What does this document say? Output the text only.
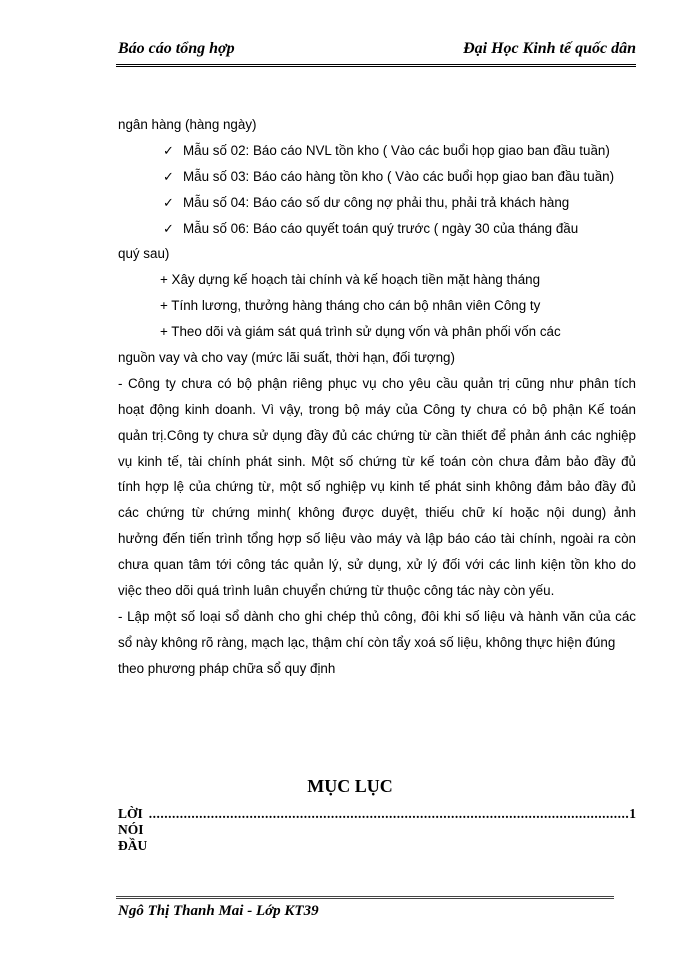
Báo cáo tổng hợp	Đại Học Kinh tế quốc dân
ngân hàng (hàng ngày)
✓ Mẫu số 02: Báo cáo NVL tồn kho ( Vào các buổi họp giao ban đầu tuần)
✓ Mẫu số 03: Báo cáo hàng tồn kho ( Vào các buổi họp giao ban đầu tuần)
✓ Mẫu số 04: Báo cáo số dư công nợ phải thu, phải trả khách hàng
✓ Mẫu số 06: Báo cáo quyết toán quý trước ( ngày 30 của tháng đầu
quý sau)
+ Xây dựng kế hoạch tài chính và kế hoạch tiền mặt hàng tháng
+ Tính lương, thưởng hàng tháng cho cán bộ nhân viên Công ty
+ Theo dõi và giám sát quá trình sử dụng vốn và phân phối vốn các
nguồn vay và cho vay (mức lãi suất, thời hạn, đối tượng)
- Công ty chưa có bộ phận riêng phục vụ cho yêu cầu quản trị cũng như phân tích
hoạt động kinh doanh. Vì vậy, trong bộ máy của Công ty chưa có bộ phận Kế toán
quản trị.Công ty chưa sử dụng đầy đủ các chứng từ cần thiết để phản ánh các nghiệp
vụ kinh tế, tài chính phát sinh. Một số chứng từ kế toán còn chưa đảm bảo đầy đủ
tính hợp lệ của chứng từ, một số nghiệp vụ kinh tế phát sinh không đảm bảo đầy đủ
các chứng từ chứng minh( không được duyệt, thiếu chữ kí hoặc nội dung) ảnh
hưởng đến tiến trình tổng hợp số liệu vào máy và lập báo cáo tài chính, ngoài ra còn
chưa quan tâm tới công tác quản lý, sử dụng, xử lý đối với các linh kiện tồn kho do
việc theo dõi quá trình luân chuyển chứng từ thuộc công tác này còn yếu.
- Lập một số loại sổ dành cho ghi chép thủ công, đôi khi số liệu và hành văn của các
sổ này không rõ ràng, mạch lạc, thậm chí còn tẩy xoá số liệu, không thực hiện đúng
theo phương pháp chữa sổ quy định
MỤC LỤC
LỜI NÓI ĐẦU
............................................................................................................................ 1
Ngô Thị Thanh Mai - Lớp KT39
